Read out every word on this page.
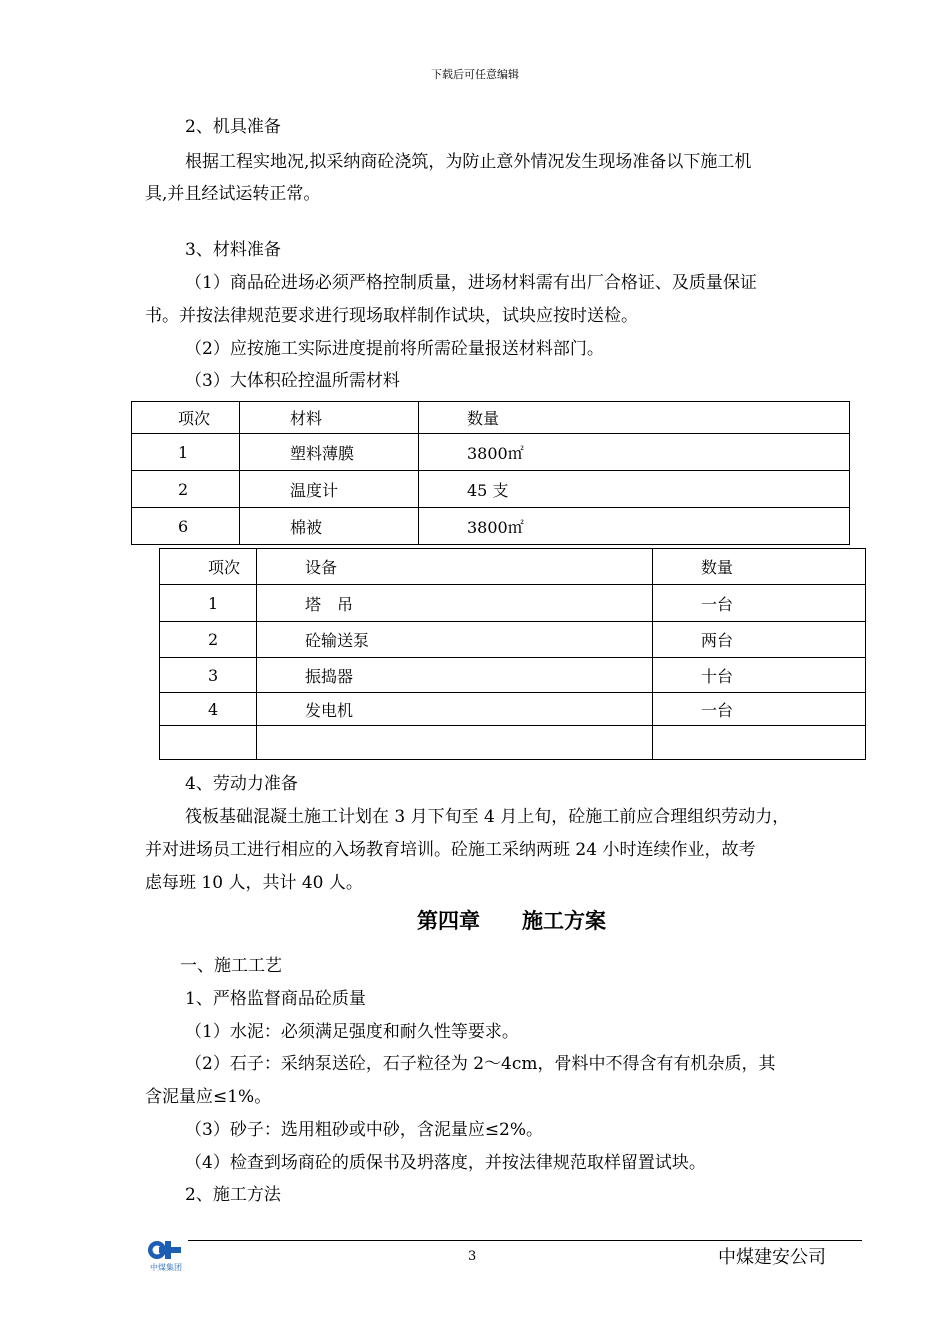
下载后可任意编辑
2、机具准备
根据工程实地况,拟采纳商砼浇筑，为防止意外情况发生现场准备以下施工机
具,并且经试运转正常。
3、材料准备
（1）商品砼进场必须严格控制质量，进场材料需有出厂合格证、及质量保证
书。并按法律规范要求进行现场取样制作试块，试块应按时送检。
（2）应按施工实际进度提前将所需砼量报送材料部门。
（3）大体积砼控温所需材料
项次	材料	数量

1	塑料薄膜	3800㎡

2	温度计	45 支

6	棉被	3800㎡
项次	设备	数量

1	塔　吊	一台

2	砼输送泵	两台

3	振捣器	十台

4	发电机	一台

4、劳动力准备
筏板基础混凝土施工计划在 3 月下旬至 4 月上旬，砼施工前应合理组织劳动力，
并对进场员工进行相应的入场教育培训。砼施工采纳两班 24 小时连续作业，故考
虑每班 10 人，共计 40 人。
第四章　　施工方案
一、施工工艺
1、严格监督商品砼质量
（1）水泥：必须满足强度和耐久性等要求。
（2）石子：采纳泵送砼，石子粒径为 2～4cm，骨料中不得含有有机杂质，其
含泥量应≤1%。
（3）砂子：选用粗砂或中砂，含泥量应≤2%。
（4）检查到场商砼的质保书及坍落度，并按法律规范取样留置试块。
2、施工方法
中煤集团
3	中煤建安公司
